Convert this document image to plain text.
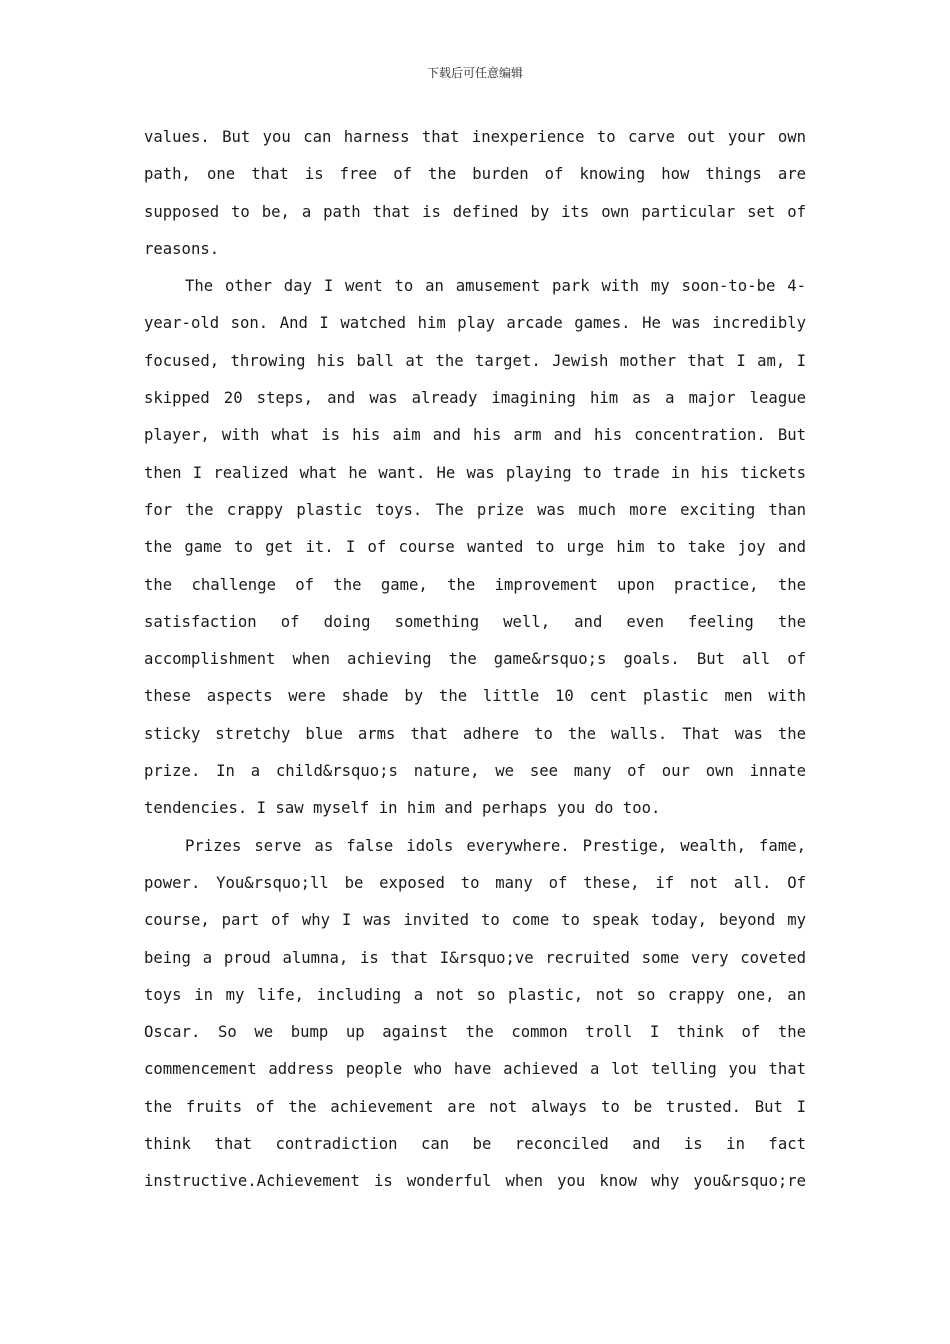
下载后可任意编辑
values. But you can harness that inexperience to carve out your own
path, one that is free of the burden of knowing how things are
supposed to be, a path that is defined by its own particular set of
reasons.
The other day I went to an amusement park with my soon-to-be 4-
year-old son. And I watched him play arcade games. He was incredibly
focused, throwing his ball at the target. Jewish mother that I am, I
skipped 20 steps, and was already imagining him as a major league
player, with what is his aim and his arm and his concentration. But
then I realized what he want. He was playing to trade in his tickets
for the crappy plastic toys. The prize was much more exciting than
the game to get it. I of course wanted to urge him to take joy and
the challenge of the game, the improvement upon practice, the
satisfaction of doing something well, and even feeling the
accomplishment when achieving the game&rsquo;s goals. But all of
these aspects were shade by the little 10 cent plastic men with
sticky stretchy blue arms that adhere to the walls. That was the
prize. In a child&rsquo;s nature, we see many of our own innate
tendencies. I saw myself in him and perhaps you do too.
Prizes serve as false idols everywhere. Prestige, wealth, fame,
power. You&rsquo;ll be exposed to many of these, if not all. Of
course, part of why I was invited to come to speak today, beyond my
being a proud alumna, is that I&rsquo;ve recruited some very coveted
toys in my life, including a not so plastic, not so crappy one, an
Oscar. So we bump up against the common troll I think of the
commencement address people who have achieved a lot telling you that
the fruits of the achievement are not always to be trusted. But I
think that contradiction can be reconciled and is in fact
instructive.Achievement is wonderful when you know why you&rsquo;re
